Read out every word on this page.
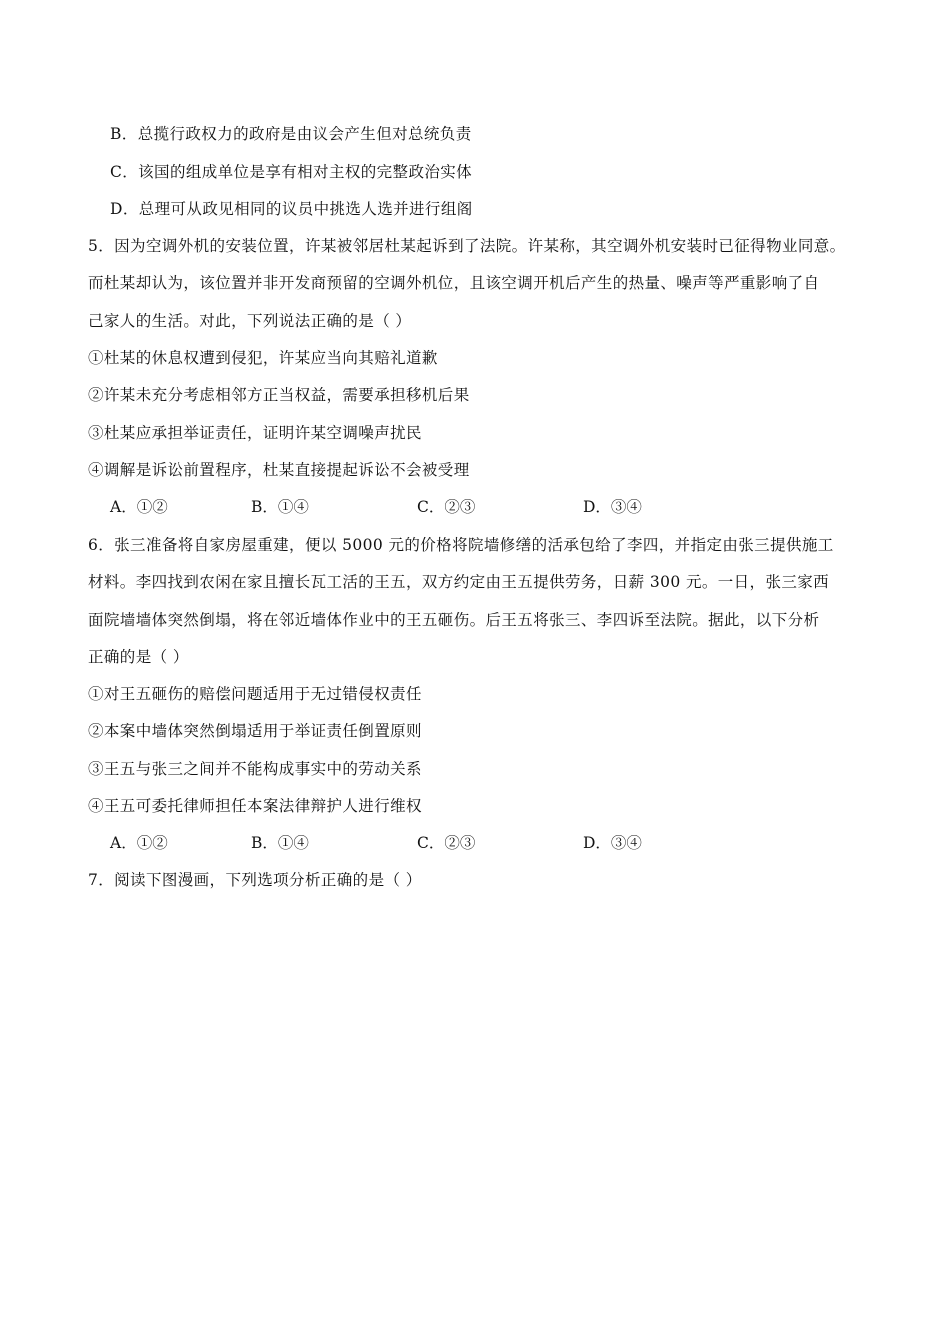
B．总揽行政权力的政府是由议会产生但对总统负责
C．该国的组成单位是享有相对主权的完整政治实体
D．总理可从政见相同的议员中挑选人选并进行组阁
5．因为空调外机的安装位置，许某被邻居杜某起诉到了法院。许某称，其空调外机安装时已征得物业同意。
而杜某却认为，该位置并非开发商预留的空调外机位，且该空调开机后产生的热量、噪声等严重影响了自
己家人的生活。对此，下列说法正确的是（ ）
①杜某的休息权遭到侵犯，许某应当向其赔礼道歉
②许某未充分考虑相邻方正当权益，需要承担移机后果
③杜某应承担举证责任，证明许某空调噪声扰民
④调解是诉讼前置程序，杜某直接提起诉讼不会被受理
A．①②	B．①④	C．②③	D．③④
6．张三准备将自家房屋重建，便以 5000 元的价格将院墙修缮的活承包给了李四，并指定由张三提供施工
材料。李四找到农闲在家且擅长瓦工活的王五，双方约定由王五提供劳务，日薪 300 元。一日，张三家西
面院墙墙体突然倒塌，将在邻近墙体作业中的王五砸伤。后王五将张三、李四诉至法院。据此，以下分析
正确的是（ ）
①对王五砸伤的赔偿问题适用于无过错侵权责任
②本案中墙体突然倒塌适用于举证责任倒置原则
③王五与张三之间并不能构成事实中的劳动关系
④王五可委托律师担任本案法律辩护人进行维权
A．①②	B．①④	C．②③	D．③④
7．阅读下图漫画，下列选项分析正确的是（ ）
